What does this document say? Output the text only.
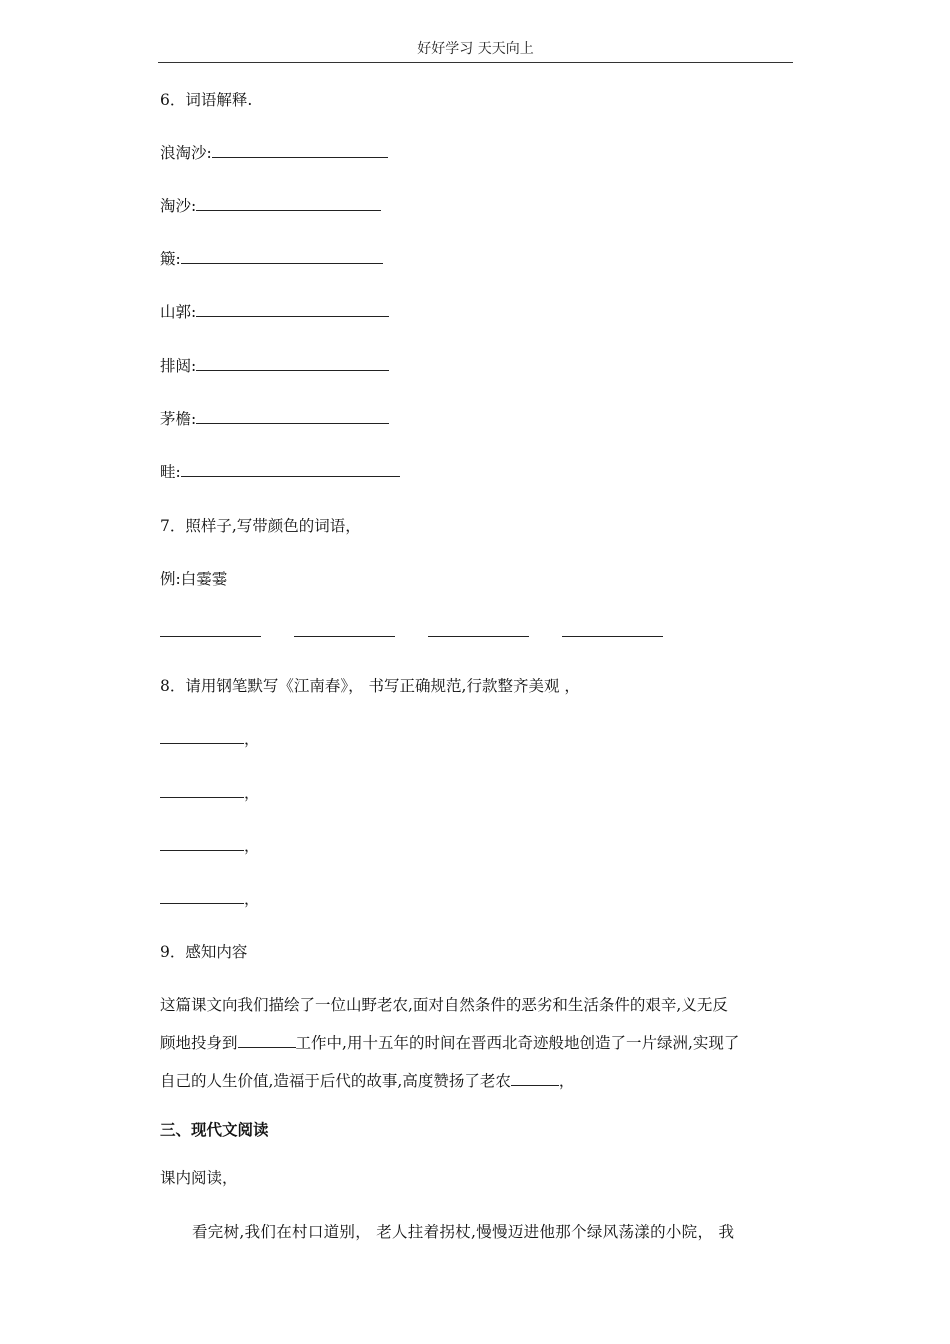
好好学习 天天向上
6．词语解释.
浪淘沙:
淘沙:
簸:
山郭:
排闼:
茅檐:
畦:
7．照样子,写带颜色的词语，
例:白霎霎
8．请用钢笔默写《江南春》， 书写正确规范,行款整齐美观 ，
，
，
，
，
9．感知内容
这篇课文向我们描绘了一位山野老农,面对自然条件的恶劣和生活条件的艰辛,义无反
顾地投身到	工作中,用十五年的时间在晋西北奇迹般地创造了一片绿洲,实现了
自己的人生价值,造福于后代的故事,高度赞扬了老农	，
三、现代文阅读
课内阅读，
看完树,我们在村口道别， 老人拄着拐杖,慢慢迈进他那个绿风荡漾的小院， 我
